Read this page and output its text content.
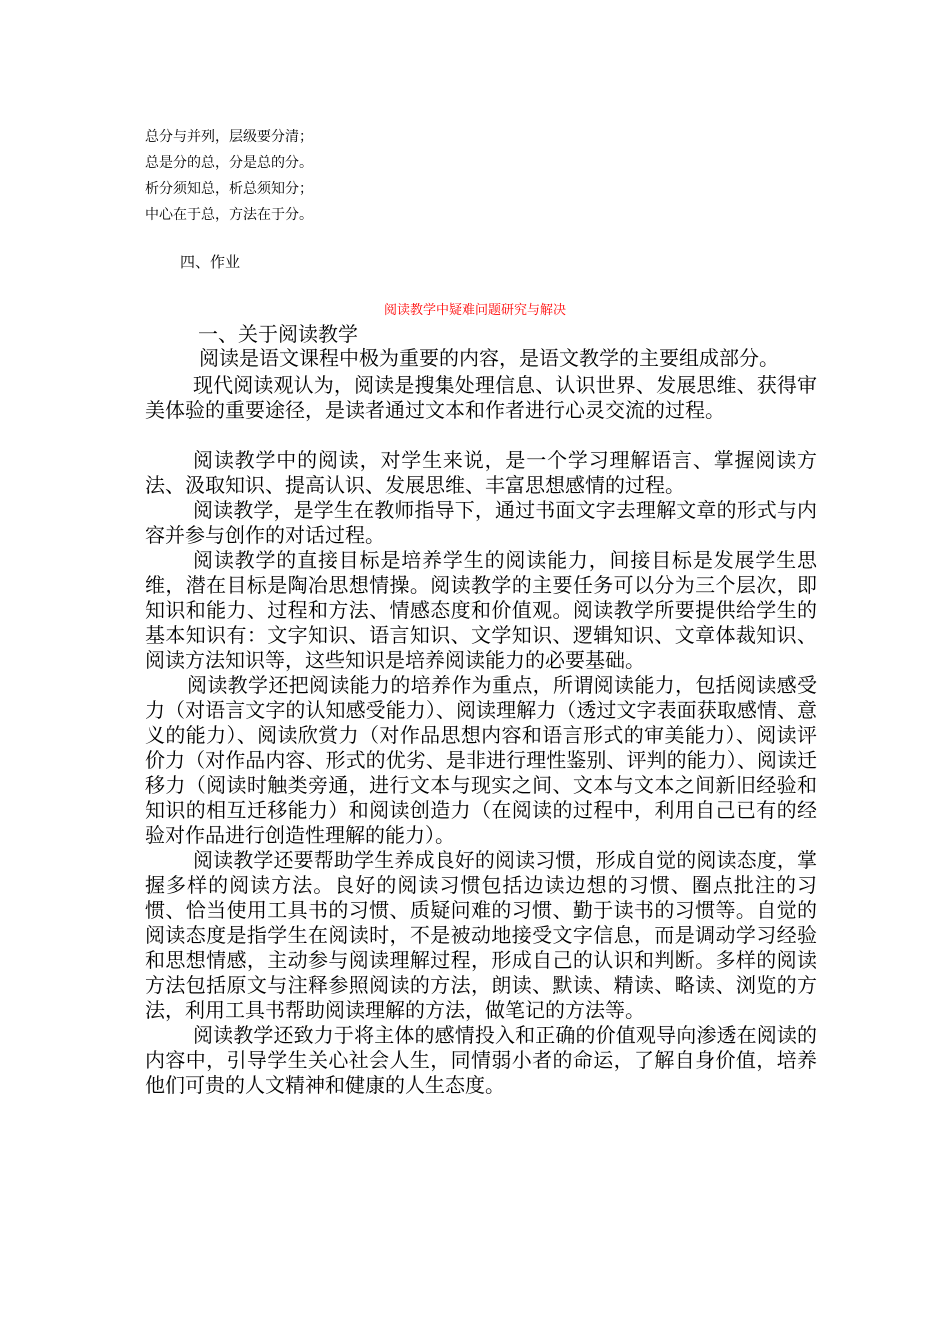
总分与并列，层级要分清；
总是分的总，分是总的分。
析分须知总，析总须知分；
中心在于总，方法在于分。
四、作业
阅读教学中疑难问题研究与解决
一、关于阅读教学

阅读是语文课程中极为重要的内容，是语文教学的主要组成部分。

现代阅读观认为，阅读是搜集处理信息、认识世界、发展思维、获得审美体验的重要途径，是读者通过文本和作者进行心灵交流的过程。

阅读教学中的阅读，对学生来说，是一个学习理解语言、掌握阅读方法、汲取知识、提高认识、发展思维、丰富思想感情的过程。

阅读教学，是学生在教师指导下，通过书面文字去理解文章的形式与内容并参与创作的对话过程。

阅读教学的直接目标是培养学生的阅读能力，间接目标是发展学生思维，潜在目标是陶冶思想情操。阅读教学的主要任务可以分为三个层次，即知识和能力、过程和方法、情感态度和价值观。阅读教学所要提供给学生的基本知识有：文字知识、语言知识、文学知识、逻辑知识、文章体裁知识、阅读方法知识等，这些知识是培养阅读能力的必要基础。

阅读教学还把阅读能力的培养作为重点，所谓阅读能力，包括阅读感受力（对语言文字的认知感受能力）、阅读理解力（透过文字表面获取感情、意义的能力）、阅读欣赏力（对作品思想内容和语言形式的审美能力）、阅读评价力（对作品内容、形式的优劣、是非进行理性鉴别、评判的能力）、阅读迁移力（阅读时触类旁通，进行文本与现实之间、文本与文本之间新旧经验和知识的相互迁移能力）和阅读创造力（在阅读的过程中，利用自己已有的经验对作品进行创造性理解的能力）。

阅读教学还要帮助学生养成良好的阅读习惯，形成自觉的阅读态度，掌握多样的阅读方法。良好的阅读习惯包括边读边想的习惯、圈点批注的习惯、恰当使用工具书的习惯、质疑问难的习惯、勤于读书的习惯等。自觉的阅读态度是指学生在阅读时，不是被动地接受文字信息，而是调动学习经验和思想情感，主动参与阅读理解过程，形成自己的认识和判断。多样的阅读方法包括原文与注释参照阅读的方法，朗读、默读、精读、略读、浏览的方法，利用工具书帮助阅读理解的方法，做笔记的方法等。

阅读教学还致力于将主体的感情投入和正确的价值观导向渗透在阅读的内容中，引导学生关心社会人生，同情弱小者的命运，了解自身价值，培养他们可贵的人文精神和健康的人生态度。
